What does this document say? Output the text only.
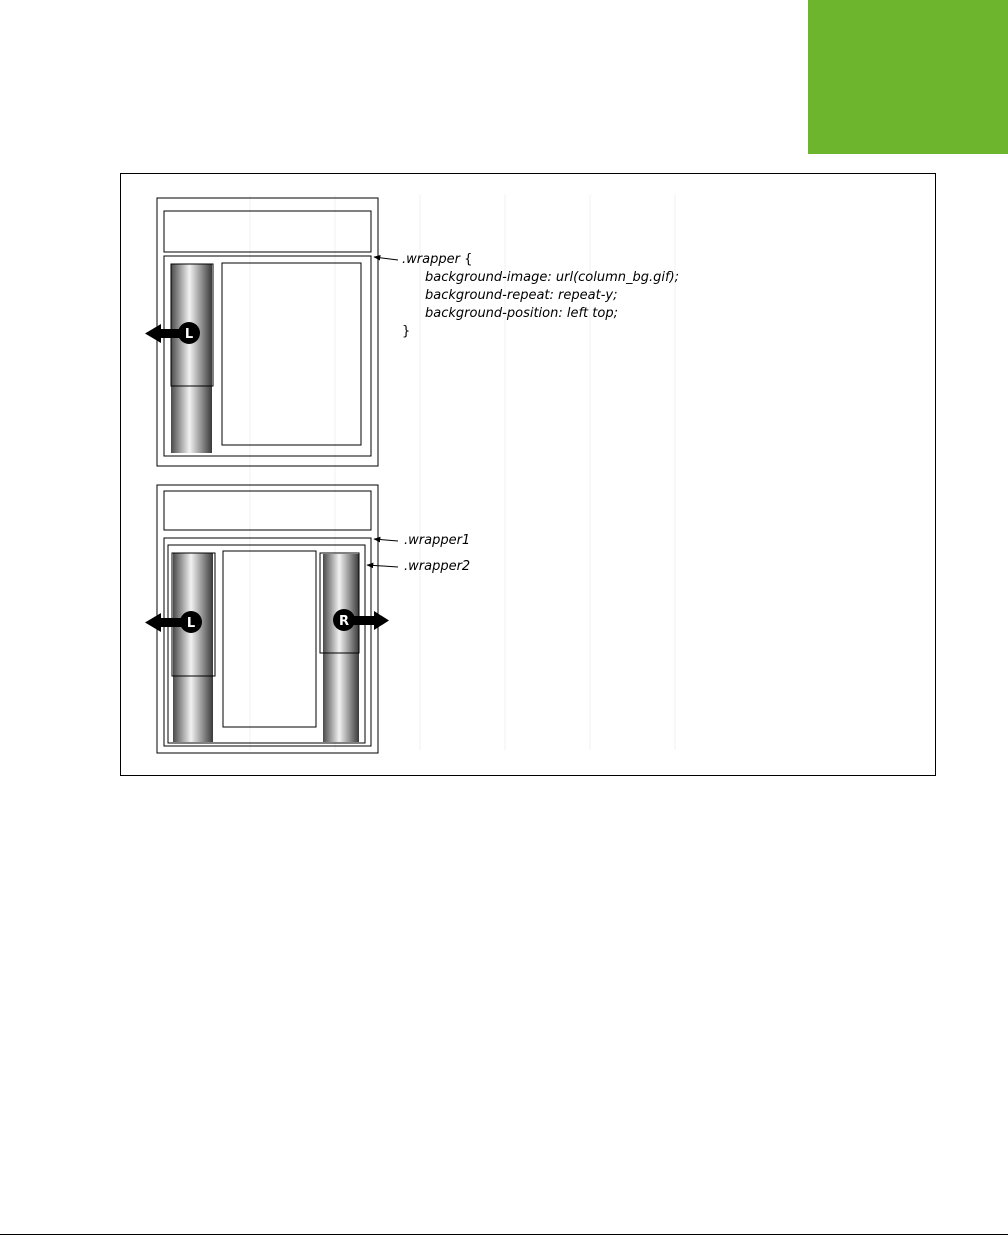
L
L	R
.wrapper {
background-image: url(column_bg.gif);
background-repeat: repeat-y;
background-position: left top;
}
.wrapper1
.wrapper2
